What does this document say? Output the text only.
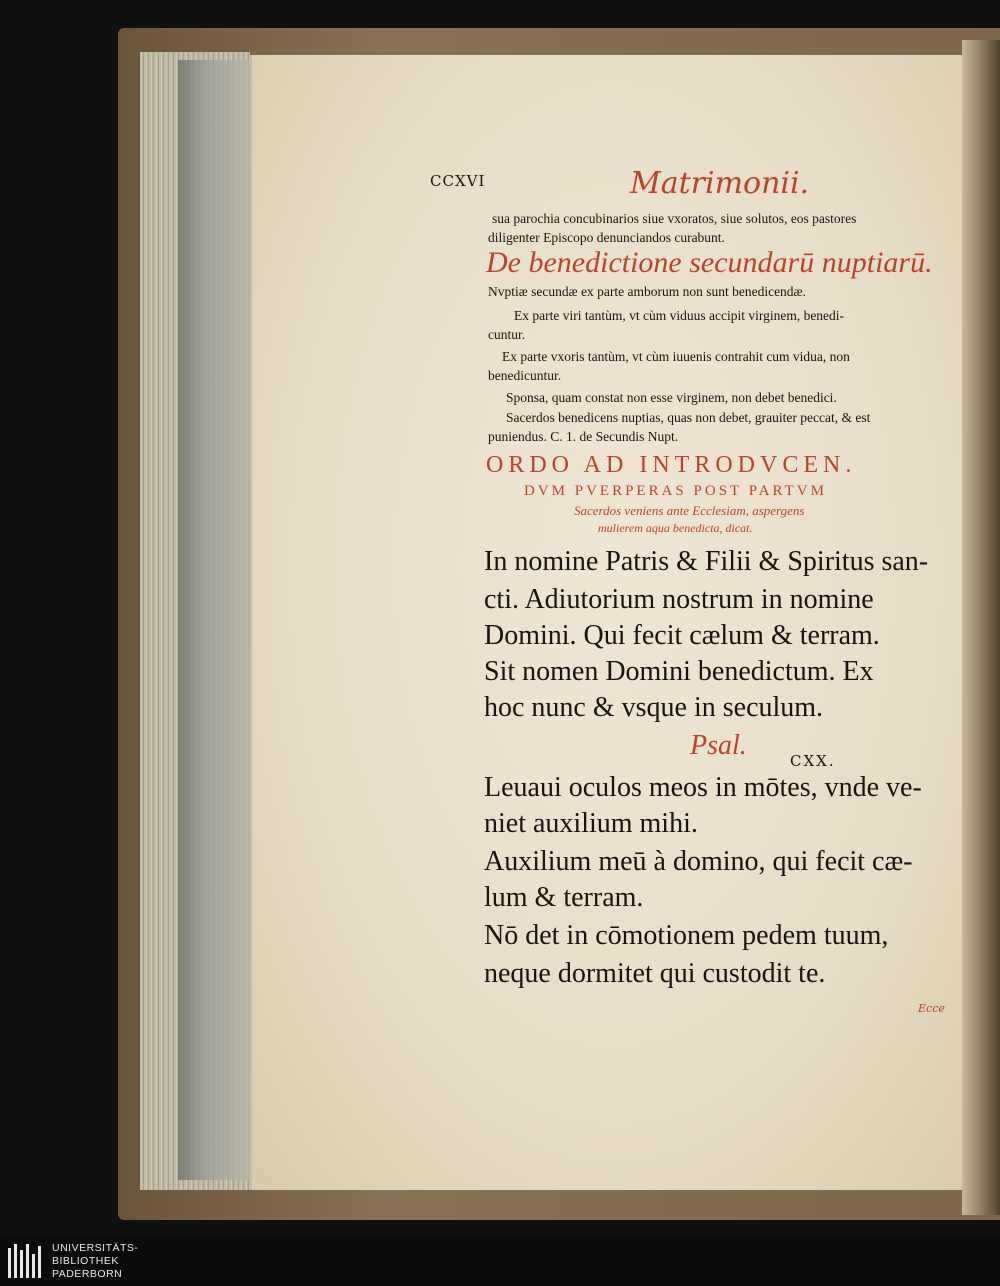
CCXVI	Matrimonii.
sua parochia concubinarios siue vxoratos, siue solutos, eos pastores
diligenter Episcopo denunciandos curabunt.
De benedictione secundarū nuptiarū.
Nvptiæ secundæ ex parte amborum non sunt benedicendæ.
Ex parte viri tantùm, vt cùm viduus accipit virginem, benedi-
cuntur.
Ex parte vxoris tantùm, vt cùm iuuenis contrahit cum vidua, non
benedicuntur.
Sponsa, quam constat non esse virginem, non debet benedici.
Sacerdos benedicens nuptias, quas non debet, grauiter peccat, & est
puniendus. C. 1. de Secundis Nupt.
ORDO AD INTRODVCEN.
DVM PVERPERAS POST PARTVM
Sacerdos veniens ante Ecclesiam, aspergens
mulierem aqua benedicta, dicat.
In nomine Patris & Filii & Spiritus san-
cti. Adiutorium nostrum in nomine
Domini. Qui fecit cælum & terram.
Sit nomen Domini benedictum. Ex
hoc nunc & vsque in seculum.
Psal.	CXX.
Leuaui oculos meos in mōtes, vnde ve-
niet auxilium mihi.
Auxilium meū à domino, qui fecit cæ-
lum & terram.
Nō det in cōmotionem pedem tuum,
neque dormitet qui custodit te.
Ecce
UNIVERSITÄTS-
BIBLIOTHEK
PADERBORN
